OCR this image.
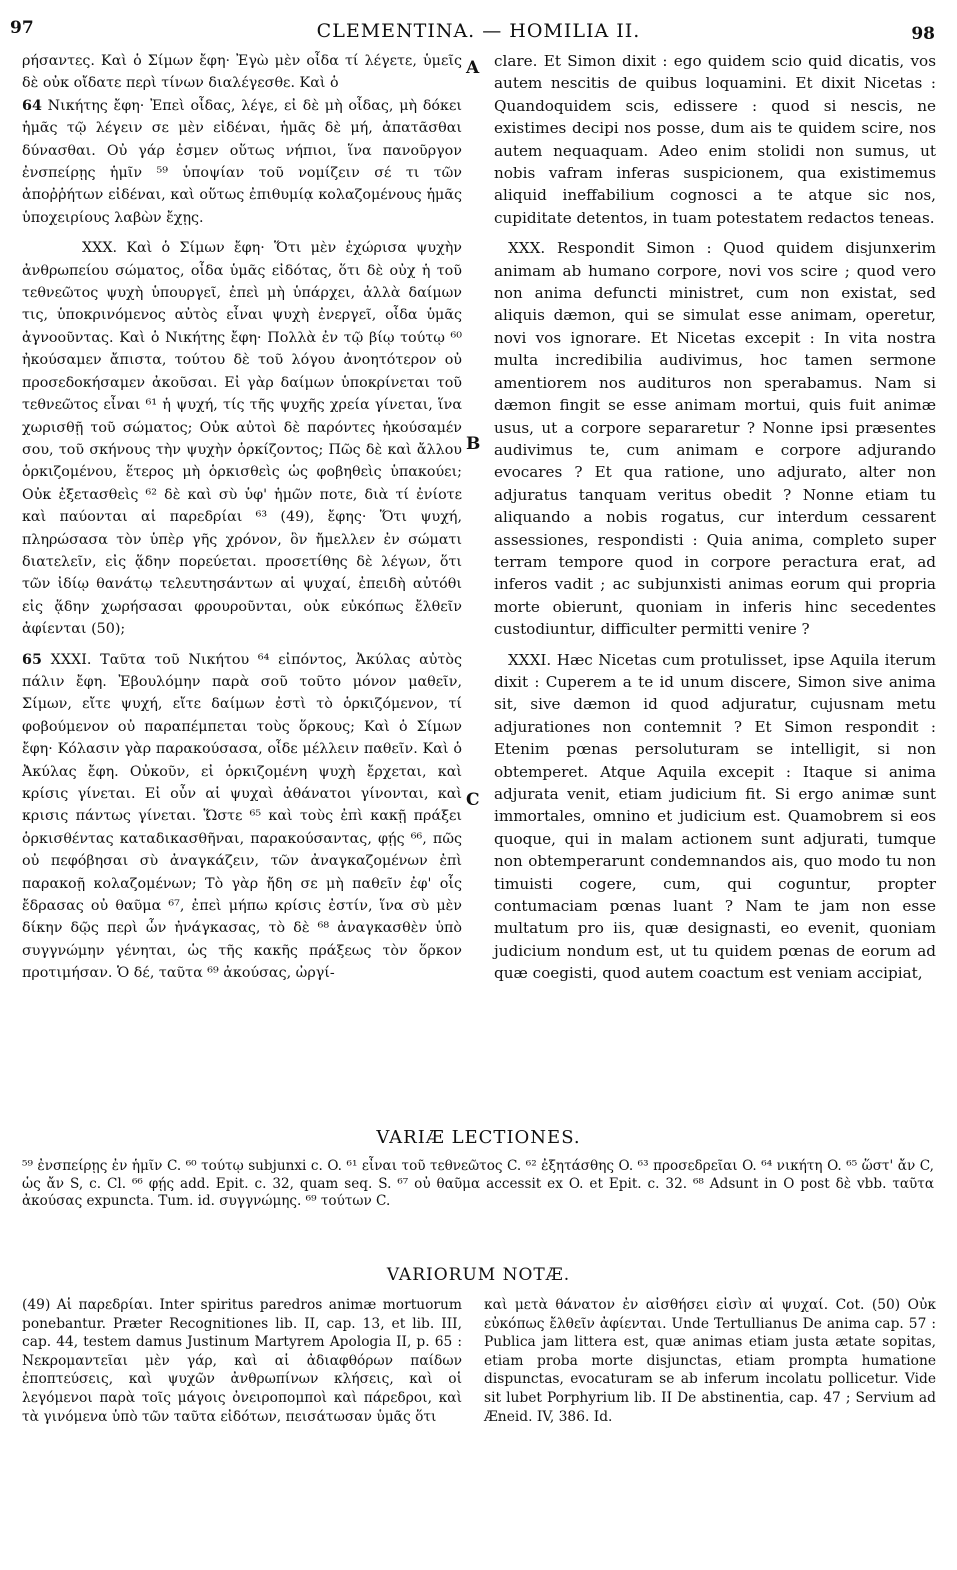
97	CLEMENTINA. — HOMILIA II.	98

ρήσαντες. Καὶ ὁ Σίμων ἔφη· Ἐγὼ μὲν οἶδα τί λέγετε, ὑμεῖς δὲ οὐκ οἴδατε περὶ τίνων διαλέγεσθε. Καὶ ὁ
64 Νικήτης ἔφη· Ἐπεὶ οἶδας, λέγε, εἰ δὲ μὴ οἶδας, μὴ δόκει ἡμᾶς τῷ λέγειν σε μὲν εἰδέναι, ἡμᾶς δὲ μή, ἀπατᾶσθαι δύνασθαι. Οὐ γάρ ἐσμεν οὕτως νήπιοι, ἵνα πανοῦργον ἐνσπείρῃς ἡμῖν ⁵⁹ ὑποψίαν τοῦ νομίζειν σέ τι τῶν ἀποῤῥήτων εἰδέναι, καὶ οὕτως ἐπιθυμίᾳ κολαζομένους ἡμᾶς ὑποχειρίους λαβὼν ἔχῃς.

XXX. Καὶ ὁ Σίμων ἔφη· Ὅτι μὲν ἐχώρισα ψυχὴν ἀνθρωπείου σώματος, οἶδα ὑμᾶς εἰδότας, ὅτι δὲ οὐχ ἡ τοῦ τεθνεῶτος ψυχὴ ὑπουργεῖ, ἐπεὶ μὴ ὑπάρχει, ἀλλὰ δαίμων τις, ὑποκρινόμενος αὐτὸς εἶναι ψυχὴ ἐνεργεῖ, οἶδα ὑμᾶς ἀγνοοῦντας. Καὶ ὁ Νικήτης ἔφη· Πολλὰ ἐν τῷ βίῳ τούτῳ ⁶⁰ ἠκούσαμεν ἄπιστα, τούτου δὲ τοῦ λόγου ἀνοητότερον οὐ προσεδοκήσαμεν ἀκοῦσαι. Εἰ γὰρ δαίμων ὑποκρίνεται τοῦ τεθνεῶτος εἶναι ⁶¹ ἡ ψυχή, τίς τῆς ψυχῆς χρεία γίνεται, ἵνα χωρισθῇ τοῦ σώματος; Οὐκ αὐτοὶ δὲ παρόντες ἠκούσαμέν σου, τοῦ σκήνους τὴν ψυχὴν ὁρκίζοντος; Πῶς δὲ καὶ ἄλλου ὁρκιζομένου, ἕτερος μὴ ὁρκισθεὶς ὡς φοβηθεὶς ὑπακούει; Οὐκ ἐξετασθεὶς ⁶² δὲ καὶ σὺ ὑφ' ἡμῶν ποτε, διὰ τί ἐνίοτε καὶ παύονται αἱ παρεδρίαι ⁶³ (49), ἔφης· Ὅτι ψυχή, πληρώσασα τὸν ὑπὲρ γῆς χρόνον, ὃν ἤμελλεν ἐν σώματι διατελεῖν, εἰς ᾅδην πορεύεται. προσετίθης δὲ λέγων, ὅτι τῶν ἰδίῳ θανάτῳ τελευτησάντων αἱ ψυχαί, ἐπειδὴ αὐτόθι εἰς ᾅδην χωρήσασαι φρουροῦνται, οὐκ εὐκόπως ἔλθεῖν ἀφίενται (50);

65 XXXI. Ταῦτα τοῦ Νικήτου ⁶⁴ εἰπόντος, Ἀκύλας αὐτὸς πάλιν ἔφη. Ἐβουλόμην παρὰ σοῦ τοῦτο μόνον μαθεῖν, Σίμων, εἴτε ψυχή, εἴτε δαίμων ἐστὶ τὸ ὁρκιζόμενον, τί φοβούμενον οὐ παραπέμπεται τοὺς ὅρκους; Καὶ ὁ Σίμων ἔφη· Κόλασιν γὰρ παρακούσασα, οἶδε μέλλειν παθεῖν. Καὶ ὁ Ἀκύλας ἔφη. Οὐκοῦν, εἰ ὁρκιζομένη ψυχὴ ἔρχεται, καὶ κρίσις γίνεται. Εἰ οὖν αἱ ψυχαὶ ἀθάνατοι γίνονται, καὶ κρισις πάντως γίνεται. Ὥστε ⁶⁵ καὶ τοὺς ἐπὶ κακῇ πράξει ὁρκισθέντας καταδικασθῆναι, παρακούσαντας, φῄς ⁶⁶, πῶς οὐ πεφόβησαι σὺ ἀναγκάζειν, τῶν ἀναγκαζομένων ἐπὶ παρακοῇ κολαζομένων; Τὸ γὰρ ἤδη σε μὴ παθεῖν ἐφ' οἷς ἔδρασας οὐ θαῦμα ⁶⁷, ἐπεὶ μήπω κρίσις ἐστίν, ἵνα σὺ μὲν δίκην δῷς περὶ ὧν ἠνάγκασας, τὸ δὲ ⁶⁸ ἀναγκασθὲν ὑπὸ συγγνώμην γένηται, ὡς τῆς κακῆς πράξεως τὸν ὅρκον προτιμήσαν. Ὁ δέ, ταῦτα ⁶⁹ ἀκούσας, ὠργί-

A
B
C

clare. Et Simon dixit : ego quidem scio quid dicatis, vos autem nescitis de quibus loquamini. Et dixit Nicetas : Quandoquidem scis, edissere : quod si nescis, ne existimes decipi nos posse, dum ais te quidem scire, nos autem nequaquam. Adeo enim stolidi non sumus, ut nobis vafram inferas suspicionem, qua existimemus aliquid ineffabilium cognosci a te atque sic nos, cupiditate detentos, in tuam potestatem redactos teneas.

XXX. Respondit Simon : Quod quidem disjunxerim animam ab humano corpore, novi vos scire ; quod vero non anima defuncti ministret, cum non existat, sed aliquis dæmon, qui se simulat esse animam, operetur, novi vos ignorare. Et Nicetas excepit : In vita nostra multa incredibilia audivimus, hoc tamen sermone amentiorem nos audituros non sperabamus. Nam si dæmon fingit se esse animam mortui, quis fuit animæ usus, ut a corpore separaretur ? Nonne ipsi præsentes audivimus te, cum animam e corpore adjurando evocares ? Et qua ratione, uno adjurato, alter non adjuratus tanquam veritus obedit ? Nonne etiam tu aliquando a nobis rogatus, cur interdum cessarent assessiones, respondisti : Quia anima, completo super terram tempore quod in corpore peractura erat, ad inferos vadit ; ac subjunxisti animas eorum qui propria morte obierunt, quoniam in inferis hinc secedentes custodiuntur, difficulter permitti venire ?

XXXI. Hæc Nicetas cum protulisset, ipse Aquila iterum dixit : Cuperem a te id unum discere, Simon sive anima sit, sive dæmon id quod adjuratur, cujusnam metu adjurationes non contemnit ? Et Simon respondit : Etenim pœnas persoluturam se intelligit, si non obtemperet. Atque Aquila excepit : Itaque si anima adjurata venit, etiam judicium fit. Si ergo animæ sunt immortales, omnino et judicium est. Quamobrem si eos quoque, qui in malam actionem sunt adjurati, tumque non obtemperarunt condemnandos ais, quo modo tu non timuisti cogere, cum, qui coguntur, propter contumaciam pœnas luant ? Nam te jam non esse multatum pro iis, quæ designasti, eo evenit, quoniam judicium nondum est, ut tu quidem pœnas de eorum ad quæ coegisti, quod autem coactum est veniam accipiat,

VARIÆ LECTIONES.
⁵⁹ ἐνσπείρῃς ἐν ἡμῖν C. ⁶⁰ τούτῳ subjunxi c. O. ⁶¹ εἶναι τοῦ τεθνεῶτος C. ⁶² ἐξητάσθης O. ⁶³ προσεδρεῖαι O. ⁶⁴ νικήτη O. ⁶⁵ ὥστ' ἄν C, ὡς ἄν S, c. Cl. ⁶⁶ φῄς add. Epit. c. 32, quam seq. S. ⁶⁷ οὐ θαῦμα accessit ex O. et Epit. c. 32. ⁶⁸ Adsunt in O post δὲ vbb. ταῦτα ἀκούσας expuncta. Tum. id. συγγνώμης. ⁶⁹ τούτων C.
VARIORUM NOTÆ.

(49) Αἱ παρεδρίαι. Inter spiritus paredros animæ mortuorum ponebantur. Præter Recognitiones lib. II, cap. 13, et lib. III, cap. 44, testem damus Justinum Martyrem Apologia II, p. 65 : Νεκρομαντεῖαι μὲν γάρ, καὶ αἱ ἀδιαφθόρων παίδων ἐποπτεύσεις, καὶ ψυχῶν ἀνθρωπίνων κλήσεις, καὶ οἱ λεγόμενοι παρὰ τοῖς μάγοις ὀνειροπομποὶ καὶ πάρεδροι, καὶ τὰ γινόμενα ὑπὸ τῶν ταῦτα εἰδότων, πεισάτωσαν ὑμᾶς ὅτι

καὶ μετὰ θάνατον ἐν αἰσθήσει εἰσὶν αἱ ψυχαί. Cot. (50) Οὐκ εὐκόπως ἔλθεῖν ἀφίενται. Unde Tertullianus De anima cap. 57 : Publica jam littera est, quæ animas etiam justa ætate sopitas, etiam proba morte disjunctas, etiam prompta humatione dispunctas, evocaturam se ab inferum incolatu pollicetur. Vide sit lubet Porphyrium lib. II De abstinentia, cap. 47 ; Servium ad Æneid. IV, 386. Id.
